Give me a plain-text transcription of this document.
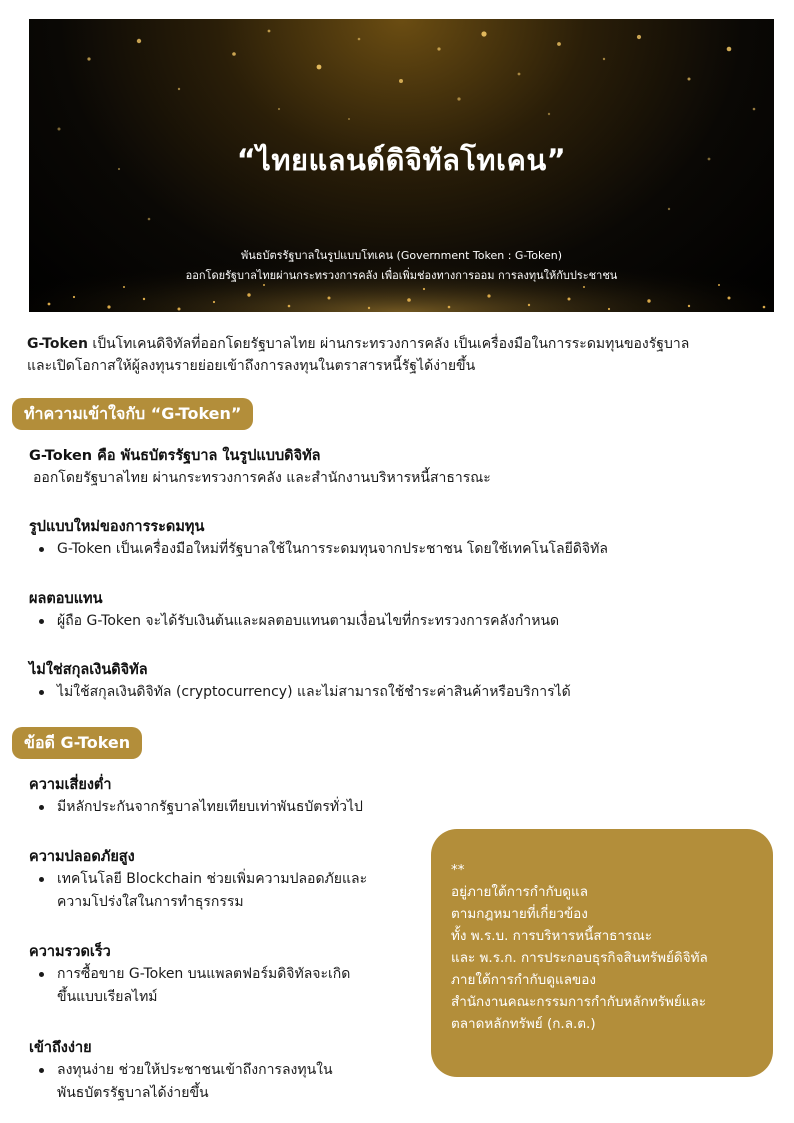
“ไทยแลนด์ดิจิทัลโทเคน”
พันธบัตรรัฐบาลในรูปแบบโทเคน (Government Token : G-Token)
ออกโดยรัฐบาลไทยผ่านกระทรวงการคลัง เพื่อเพิ่มช่องทางการออม การลงทุนให้กับประชาชน
G-Token เป็นโทเคนดิจิทัลที่ออกโดยรัฐบาลไทย ผ่านกระทรวงการคลัง เป็นเครื่องมือในการระดมทุนของรัฐบาล
และเปิดโอกาสให้ผู้ลงทุนรายย่อยเข้าถึงการลงทุนในตราสารหนี้รัฐได้ง่ายขึ้น
ทำความเข้าใจกับ “G-Token”
G-Token คือ พันธบัตรรัฐบาล ในรูปแบบดิจิทัล
ออกโดยรัฐบาลไทย ผ่านกระทรวงการคลัง และสำนักงานบริหารหนี้สาธารณะ
รูปแบบใหม่ของการระดมทุน
G-Token เป็นเครื่องมือใหม่ที่รัฐบาลใช้ในการระดมทุนจากประชาชน โดยใช้เทคโนโลยีดิจิทัล
ผลตอบแทน
ผู้ถือ G-Token จะได้รับเงินต้นและผลตอบแทนตามเงื่อนไขที่กระทรวงการคลังกำหนด
ไม่ใช่สกุลเงินดิจิทัล
ไม่ใช้สกุลเงินดิจิทัล (cryptocurrency) และไม่สามารถใช้ชำระค่าสินค้าหรือบริการได้
ข้อดี G-Token
ความเสี่ยงต่ำ
มีหลักประกันจากรัฐบาลไทยเทียบเท่าพันธบัตรทั่วไป
ความปลอดภัยสูง
เทคโนโลยี Blockchain ช่วยเพิ่มความปลอดภัยและ
ความโปร่งใสในการทำธุรกรรม
ความรวดเร็ว
การซื้อขาย G-Token บนแพลตฟอร์มดิจิทัลจะเกิด
ขึ้นแบบเรียลไทม์
เข้าถึงง่าย
ลงทุนง่าย ช่วยให้ประชาชนเข้าถึงการลงทุนใน
พันธบัตรรัฐบาลได้ง่ายขึ้น
**
อยู่ภายใต้การกำกับดูแล
ตามกฎหมายที่เกี่ยวข้อง
ทั้ง พ.ร.บ. การบริหารหนี้สาธารณะ
และ พ.ร.ก. การประกอบธุรกิจสินทรัพย์ดิจิทัล
ภายใต้การกำกับดูแลของ
สำนักงานคณะกรรมการกำกับหลักทรัพย์และ
ตลาดหลักทรัพย์ (ก.ล.ต.)
